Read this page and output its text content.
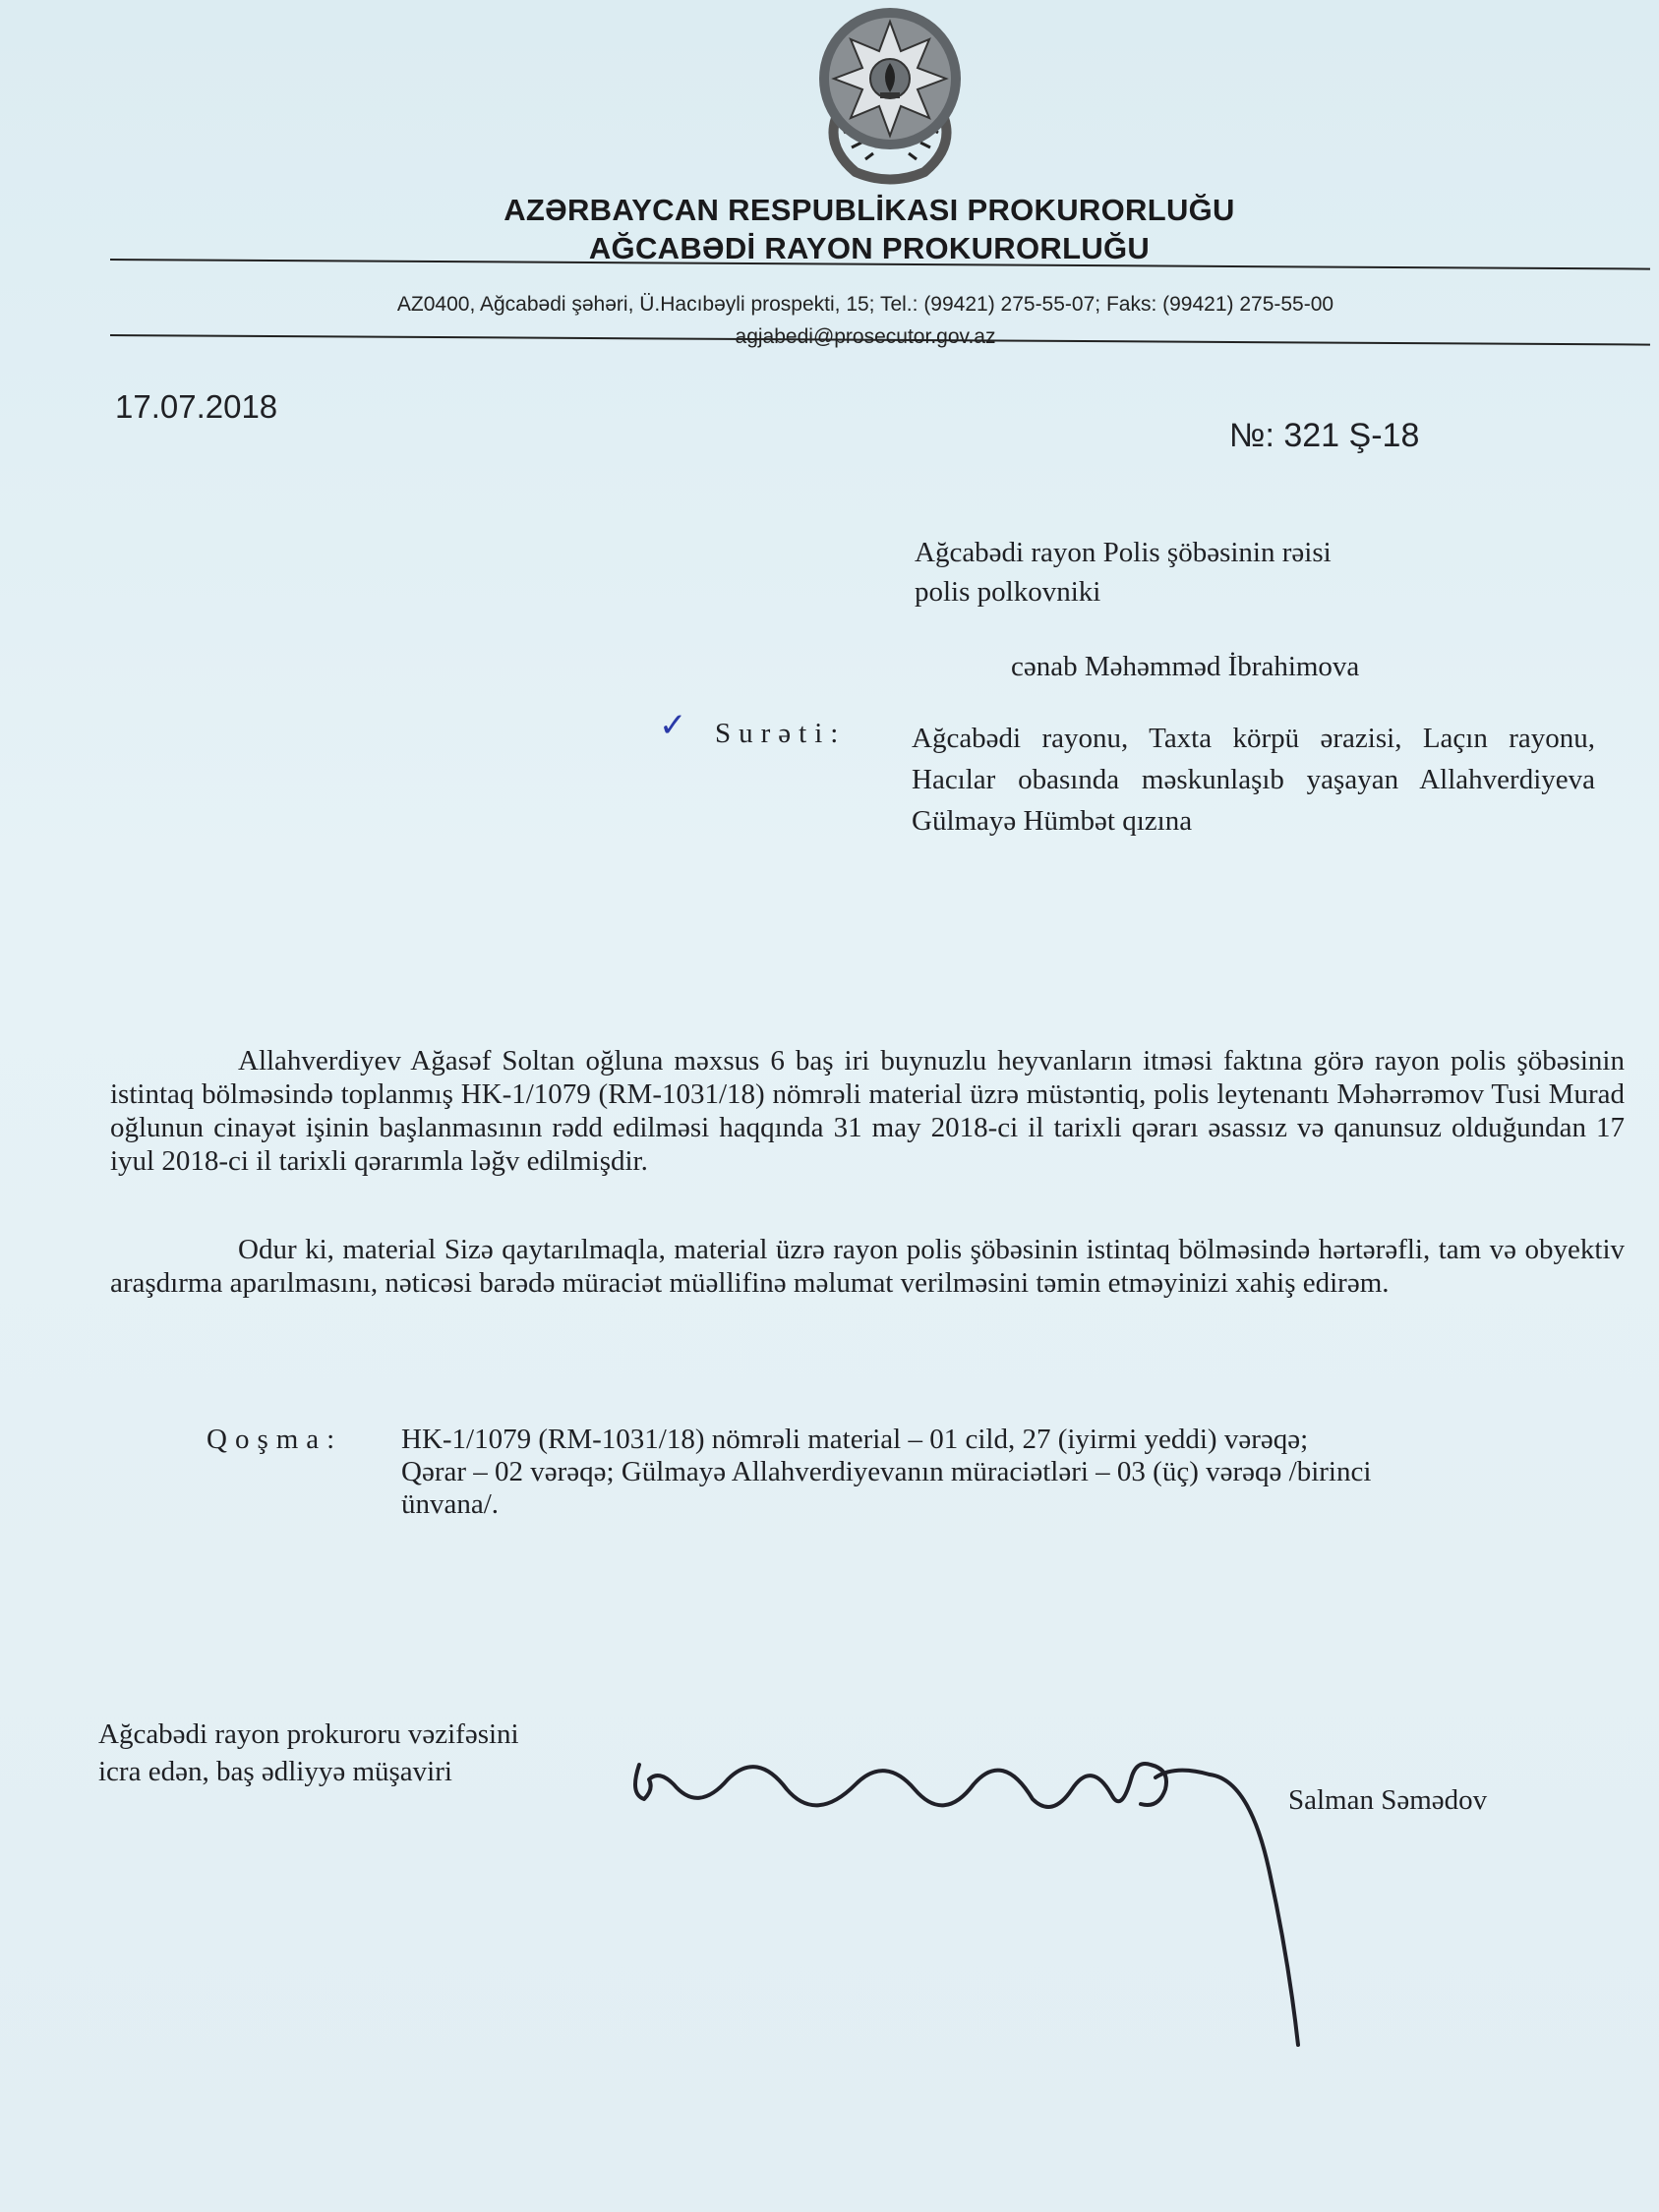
AZƏRBAYCAN RESPUBLİKASI PROKURORLUĞU
AĞCABƏDİ RAYON PROKURORLUĞU
AZ0400, Ağcabədi şəhəri, Ü.Hacıbəyli prospekti, 15; Tel.: (99421) 275-55-07; Faks: (99421) 275-55-00
agjabedi@prosecutor.gov.az
17.07.2018
№: 321 Ş-18
Ağcabədi rayon Polis şöbəsinin rəisi
polis polkovniki
cənab Məhəmməd İbrahimova
✓ Surəti: Ağcabədi rayonu, Taxta körpü ərazisi, Laçın rayonu, Hacılar obasında məskunlaşıb yaşayan Allahverdiyeva Gülmayə Hümbət qızına
Allahverdiyev Ağasəf Soltan oğluna məxsus 6 baş iri buynuzlu heyvanların itməsi faktına görə rayon polis şöbəsinin istintaq bölməsində toplanmış HK-1/1079 (RM-1031/18) nömrəli material üzrə müstəntiq, polis leytenantı Məhərrəmov Tusi Murad oğlunun cinayət işinin başlanmasının rədd edilməsi haqqında 31 may 2018-ci il tarixli qərarı əsassız və qanunsuz olduğundan 17 iyul 2018-ci il tarixli qərarımla ləğv edilmişdir.
Odur ki, material Sizə qaytarılmaqla, material üzrə rayon polis şöbəsinin istintaq bölməsində hərtərəfli, tam və obyektiv araşdırma aparılmasını, nəticəsi barədə müraciət müəllifinə məlumat verilməsini təmin etməyinizi xahiş edirəm.
Qoşma: HK-1/1079 (RM-1031/18) nömrəli material – 01 cild, 27 (iyirmi yeddi) vərəqə;
Qərar – 02 vərəqə; Gülmayə Allahverdiyevanın müraciətləri – 03 (üç) vərəqə /birinci
ünvana/.
Ağcabədi rayon prokuroru vəzifəsini
icra edən, baş ədliyyə müşaviri
Salman Səmədov
